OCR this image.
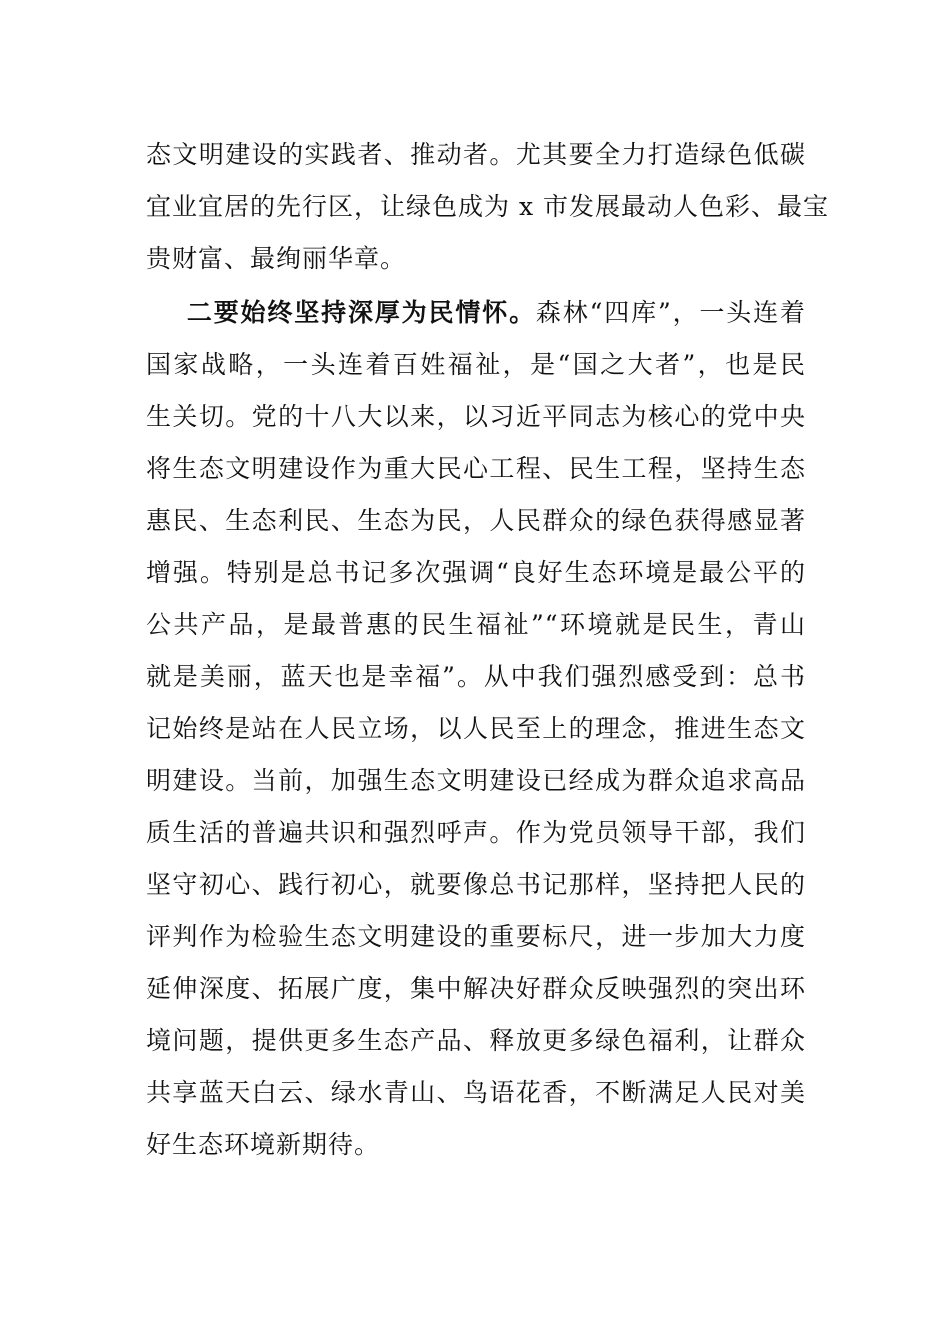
态文明建设的实践者、推动者。尤其要全力打造绿色低碳
宜业宜居的先行区，让绿色成为 x 市发展最动人色彩、最宝
贵财富、最绚丽华章。
二要始终坚持深厚为民情怀。森林“四库”，一头连着
国家战略，一头连着百姓福祉，是“国之大者”，也是民
生关切。党的十八大以来，以习近平同志为核心的党中央
将生态文明建设作为重大民心工程、民生工程，坚持生态
惠民、生态利民、生态为民，人民群众的绿色获得感显著
增强。特别是总书记多次强调“良好生态环境是最公平的
公共产品，是最普惠的民生福祉”“环境就是民生，青山
就是美丽，蓝天也是幸福”。从中我们强烈感受到：总书
记始终是站在人民立场，以人民至上的理念，推进生态文
明建设。当前，加强生态文明建设已经成为群众追求高品
质生活的普遍共识和强烈呼声。作为党员领导干部，我们
坚守初心、践行初心，就要像总书记那样，坚持把人民的
评判作为检验生态文明建设的重要标尺，进一步加大力度
延伸深度、拓展广度，集中解决好群众反映强烈的突出环
境问题，提供更多生态产品、释放更多绿色福利，让群众
共享蓝天白云、绿水青山、鸟语花香，不断满足人民对美
好生态环境新期待。
